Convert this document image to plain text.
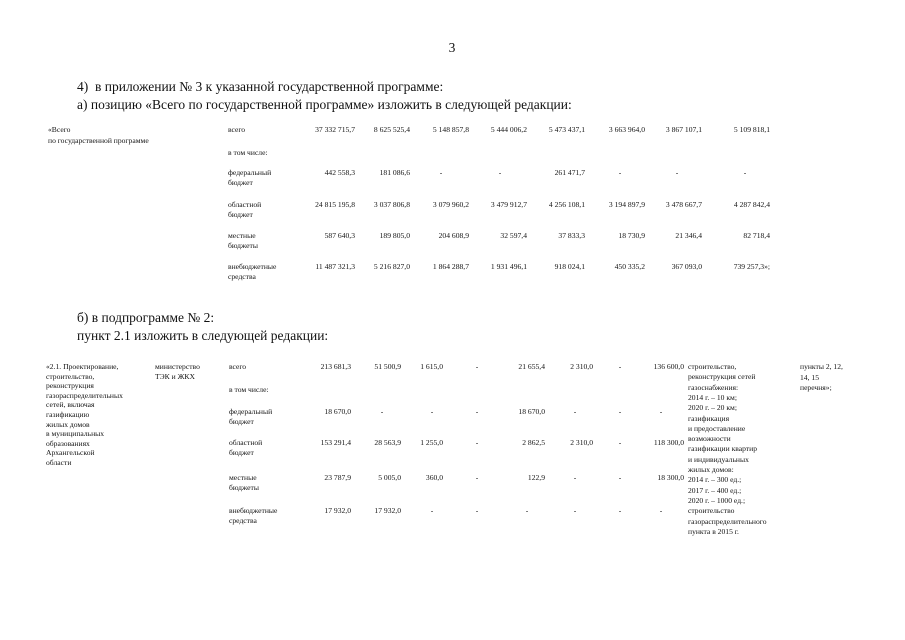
3
4)  в приложении № 3 к указанной государственной программе:
а) позицию «Всего по государственной программе» изложить в следующей редакции:
«Всего
по государственной программе
всего	37 332 715,7	8 625 525,4	5 148 857,8	5 444 006,2	5 473 437,1	3 663 964,0	3 867 107,1	5 109 818,1
в том числе:
федеральный
бюджет
442 558,3	181 086,6	-	-	261 471,7	-	-	-
областной
бюджет
24 815 195,8	3 037 806,8	3 079 960,2	3 479 912,7	4 256 108,1	3 194 897,9	3 478 667,7	4 287 842,4
местные
бюджеты
587 640,3	189 805,0	204 608,9	32 597,4	37 833,3	18 730,9	21 346,4	82 718,4
внебюджетные
средства
11 487 321,3	5 216 827,0	1 864 288,7	1 931 496,1	918 024,1	450 335,2	367 093,0	739 257,3»;
б) в подпрограмме № 2:
пункт 2.1 изложить в следующей редакции:
«2.1. Проектирование,
строительство,
реконструкция
газораспределительных
сетей, включая
газификацию
жилых домов
в муниципальных
образованиях
Архангельской
области
министерство
ТЭК и ЖКХ
всего	213 681,3	51 500,9	1 615,0	-	21 655,4	2 310,0	-	136 600,0
в том числе:
федеральный
бюджет
18 670,0	-	-	-	18 670,0	-	-	-
областной
бюджет
153 291,4	28 563,9	1 255,0	-	2 862,5	2 310,0	-	118 300,0
местные
бюджеты
23 787,9	5 005,0	360,0	-	122,9	-	-	18 300,0
внебюджетные
средства
17 932,0	17 932,0	-	-	-	-	-	-
строительство,
реконструкция сетей
газоснабжения:
2014 г. – 10 км;
2020 г. – 20 км;
газификация
и предоставление
возможности
газификации квартир
и индивидуальных
жилых домов:
2014 г. – 300 ед.;
2017 г. – 400 ед.;
2020 г. – 1000 ед.;
строительство
газораспределительного
пункта в 2015 г.
пункты 2, 12,
14, 15
перечня»;
